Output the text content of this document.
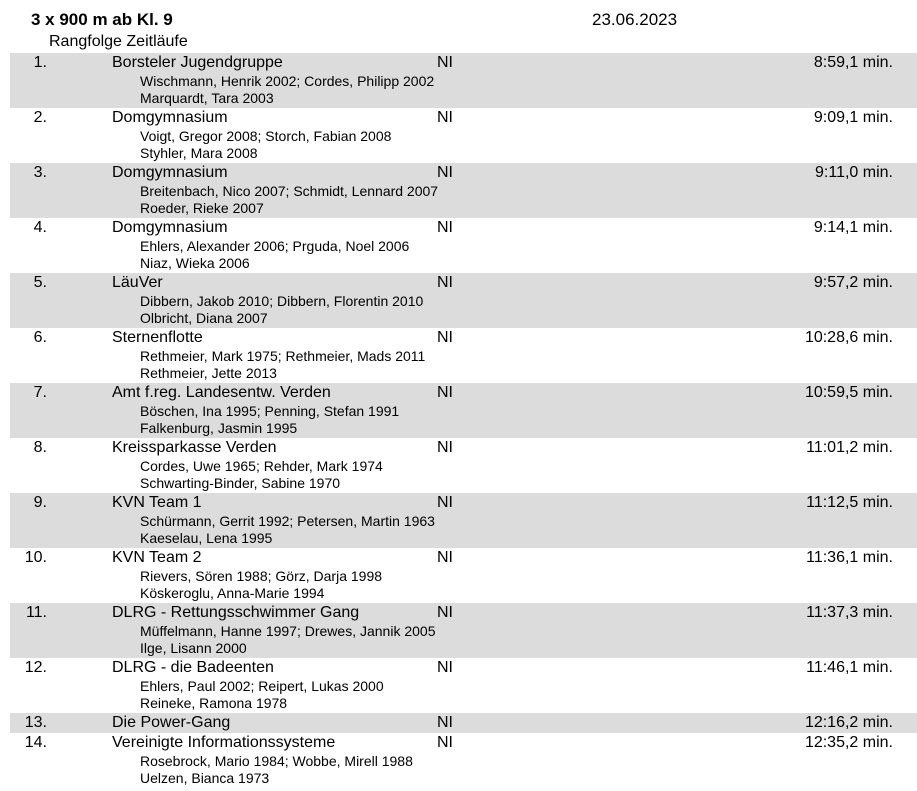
3 x 900 m ab Kl. 9	23.06.2023
Rangfolge Zeitläufe
1.	Borsteler Jugendgruppe	NI	8:59,1 min.
Wischmann, Henrik 2002; Cordes, Philipp 2002
Marquardt, Tara 2003
2.	Domgymnasium	NI	9:09,1 min.
Voigt, Gregor 2008; Storch, Fabian 2008
Styhler, Mara 2008
3.	Domgymnasium	NI	9:11,0 min.
Breitenbach, Nico 2007; Schmidt, Lennard 2007
Roeder, Rieke 2007
4.	Domgymnasium	NI	9:14,1 min.
Ehlers, Alexander 2006; Prguda, Noel 2006
Niaz, Wieka 2006
5.	LäuVer	NI	9:57,2 min.
Dibbern, Jakob 2010; Dibbern, Florentin 2010
Olbricht, Diana 2007
6.	Sternenflotte	NI	10:28,6 min.
Rethmeier, Mark 1975; Rethmeier, Mads 2011
Rethmeier, Jette 2013
7.	Amt f.reg. Landesentw. Verden	NI	10:59,5 min.
Böschen, Ina 1995; Penning, Stefan 1991
Falkenburg, Jasmin 1995
8.	Kreissparkasse Verden	NI	11:01,2 min.
Cordes, Uwe 1965; Rehder, Mark 1974
Schwarting-Binder, Sabine 1970
9.	KVN Team 1	NI	11:12,5 min.
Schürmann, Gerrit 1992; Petersen, Martin 1963
Kaeselau, Lena 1995
10.	KVN Team 2	NI	11:36,1 min.
Rievers, Sören 1988; Görz, Darja 1998
Köskeroglu, Anna-Marie 1994
11.	DLRG - Rettungsschwimmer Gang	NI	11:37,3 min.
Müffelmann, Hanne 1997; Drewes, Jannik 2005
Ilge, Lisann 2000
12.	DLRG - die Badeenten	NI	11:46,1 min.
Ehlers, Paul 2002; Reipert, Lukas 2000
Reineke, Ramona 1978
13.	Die Power-Gang	NI	12:16,2 min.
14.	Vereinigte Informationssysteme	NI	12:35,2 min.
Rosebrock, Mario 1984; Wobbe, Mirell 1988
Uelzen, Bianca 1973
